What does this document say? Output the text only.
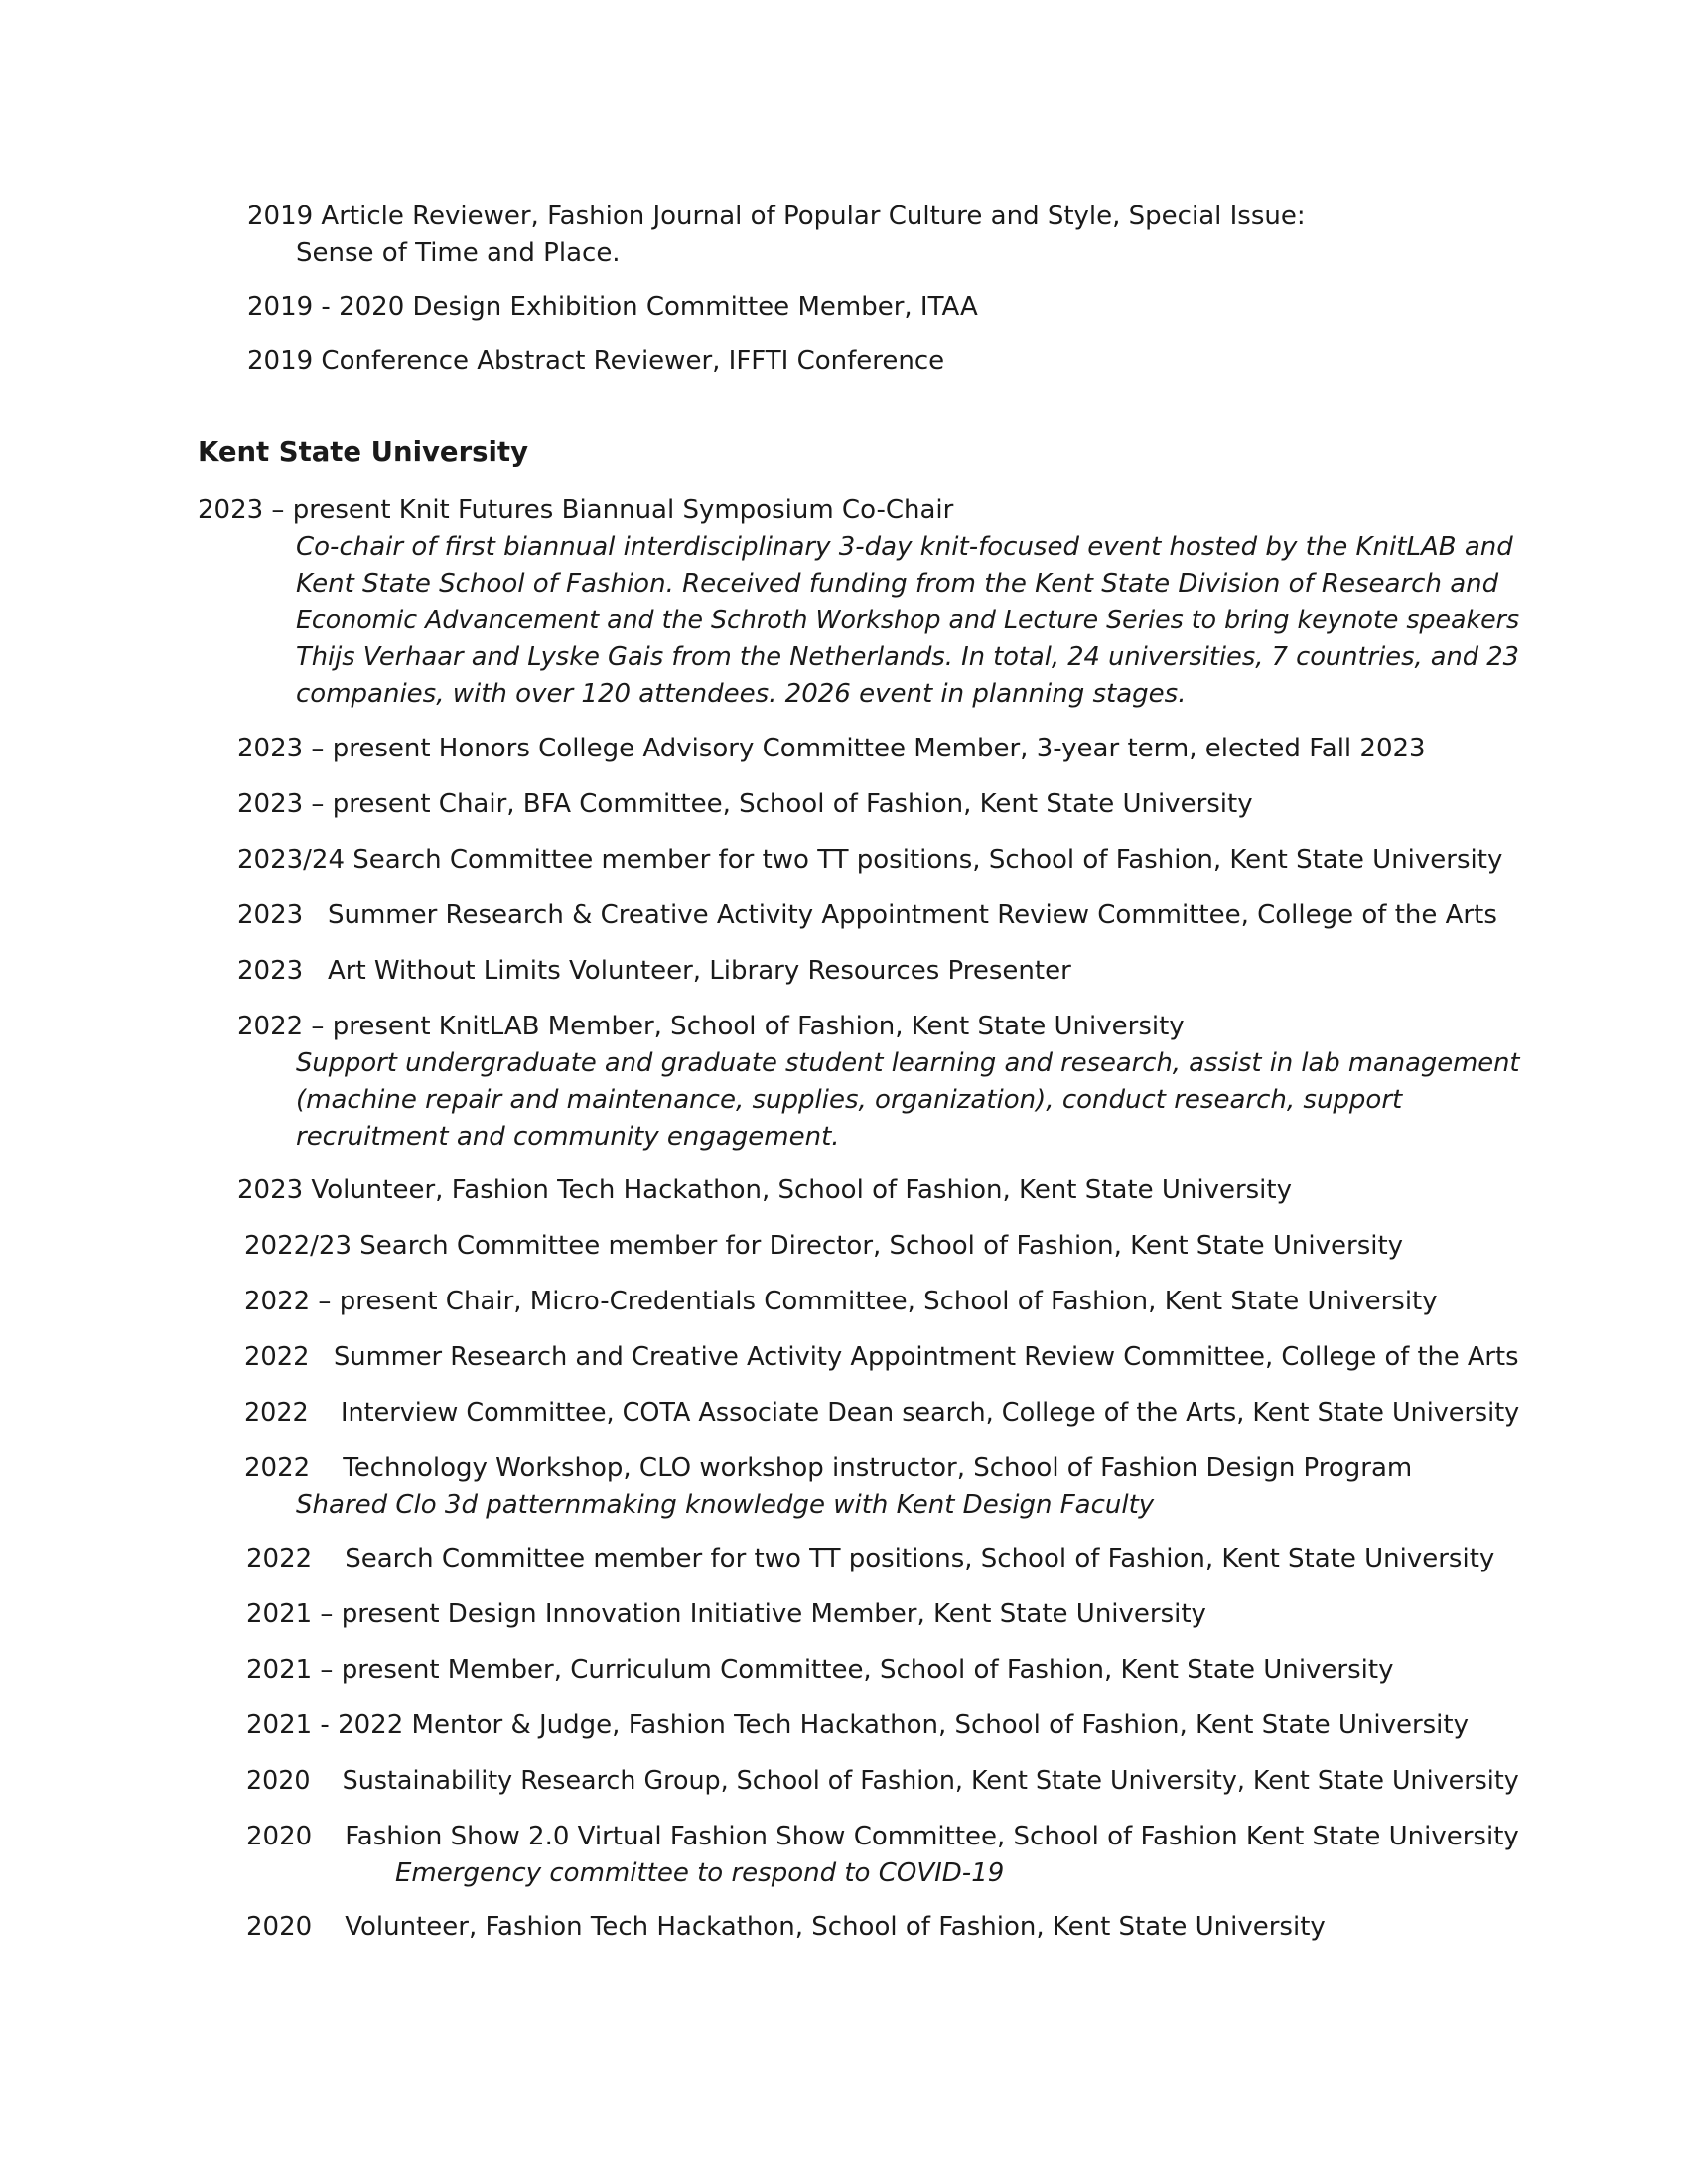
2019 Article Reviewer, Fashion Journal of Popular Culture and Style, Special Issue:
Sense of Time and Place.
2019 - 2020 Design Exhibition Committee Member, ITAA
2019 Conference Abstract Reviewer, IFFTI Conference
Kent State University
2023 – present Knit Futures Biannual Symposium Co-Chair
Co-chair of first biannual interdisciplinary 3-day knit-focused event hosted by the KnitLAB and
Kent State School of Fashion. Received funding from the Kent State Division of Research and
Economic Advancement and the Schroth Workshop and Lecture Series to bring keynote speakers
Thijs Verhaar and Lyske Gais from the Netherlands. In total, 24 universities, 7 countries, and 23
companies, with over 120 attendees. 2026 event in planning stages.
2023 – present Honors College Advisory Committee Member, 3-year term, elected Fall 2023
2023 – present Chair, BFA Committee, School of Fashion, Kent State University
2023/24 Search Committee member for two TT positions, School of Fashion, Kent State University
2023   Summer Research & Creative Activity Appointment Review Committee, College of the Arts
2023   Art Without Limits Volunteer, Library Resources Presenter
2022 – present KnitLAB Member, School of Fashion, Kent State University
Support undergraduate and graduate student learning and research, assist in lab management
(machine repair and maintenance, supplies, organization), conduct research, support
recruitment and community engagement.
2023 Volunteer, Fashion Tech Hackathon, School of Fashion, Kent State University
2022/23 Search Committee member for Director, School of Fashion, Kent State University
2022 – present Chair, Micro-Credentials Committee, School of Fashion, Kent State University
2022   Summer Research and Creative Activity Appointment Review Committee, College of the Arts
2022    Interview Committee, COTA Associate Dean search, College of the Arts, Kent State University
2022    Technology Workshop, CLO workshop instructor, School of Fashion Design Program
Shared Clo 3d patternmaking knowledge with Kent Design Faculty
2022    Search Committee member for two TT positions, School of Fashion, Kent State University
2021 – present Design Innovation Initiative Member, Kent State University
2021 – present Member, Curriculum Committee, School of Fashion, Kent State University
2021 - 2022 Mentor & Judge, Fashion Tech Hackathon, School of Fashion, Kent State University
2020    Sustainability Research Group, School of Fashion, Kent State University, Kent State University
2020    Fashion Show 2.0 Virtual Fashion Show Committee, School of Fashion Kent State University
Emergency committee to respond to COVID-19
2020    Volunteer, Fashion Tech Hackathon, School of Fashion, Kent State University
